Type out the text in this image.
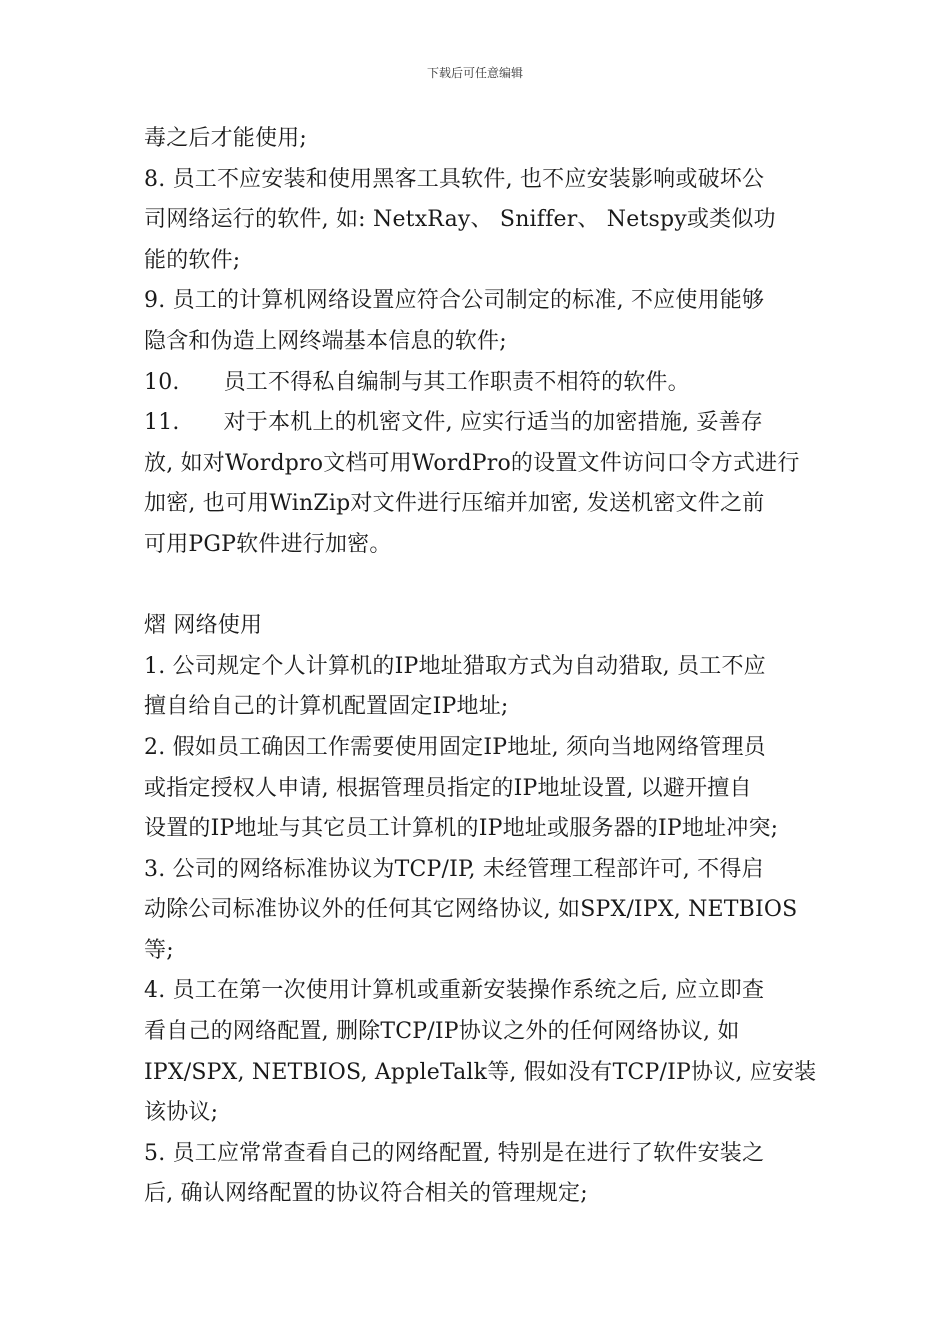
下载后可任意编辑
毒之后才能使用;
8. 员工不应安装和使用黑客工具软件, 也不应安装影响或破坏公
司网络运行的软件, 如: NetxRay、 Sniffer、 Netspy或类似功
能的软件;
9. 员工的计算机网络设置应符合公司制定的标准, 不应使用能够
隐含和伪造上网终端基本信息的软件;
10. 员工不得私自编制与其工作职责不相符的软件。
11. 对于本机上的机密文件, 应实行适当的加密措施, 妥善存
放, 如对Wordpro文档可用WordPro的设置文件访问口令方式进行
加密, 也可用WinZip对文件进行压缩并加密, 发送机密文件之前
可用PGP软件进行加密。
熠 网络使用
1. 公司规定个人计算机的IP地址猎取方式为自动猎取, 员工不应
擅自给自己的计算机配置固定IP地址;
2. 假如员工确因工作需要使用固定IP地址, 须向当地网络管理员
或指定授权人申请, 根据管理员指定的IP地址设置, 以避开擅自
设置的IP地址与其它员工计算机的IP地址或服务器的IP地址冲突;
3. 公司的网络标准协议为TCP/IP, 未经管理工程部许可, 不得启
动除公司标准协议外的任何其它网络协议, 如SPX/IPX, NETBIOS
等;
4. 员工在第一次使用计算机或重新安装操作系统之后, 应立即查
看自己的网络配置, 删除TCP/IP协议之外的任何网络协议, 如
IPX/SPX, NETBIOS, AppleTalk等, 假如没有TCP/IP协议, 应安装
该协议;
5. 员工应常常查看自己的网络配置, 特别是在进行了软件安装之
后, 确认网络配置的协议符合相关的管理规定;
